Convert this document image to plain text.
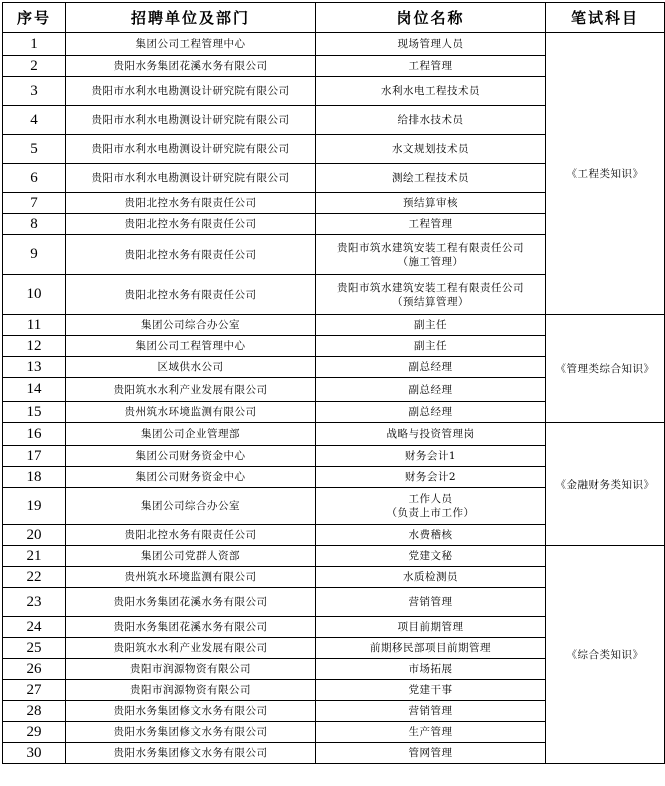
序号	招聘单位及部门	岗位名称	笔试科目
1	集团公司工程管理中心	现场管理人员	《工程类知识》
2	贵阳水务集团花溪水务有限公司	工程管理	

3	贵阳市水利水电勘测设计研究院有限公司	水利水电工程技术员	

4	贵阳市水利水电勘测设计研究院有限公司	给排水技术员	

5	贵阳市水利水电勘测设计研究院有限公司	水文规划技术员	

6	贵阳市水利水电勘测设计研究院有限公司	测绘工程技术员	

7	贵阳北控水务有限责任公司	预结算审核	

8	贵阳北控水务有限责任公司	工程管理	

9	贵阳北控水务有限责任公司	贵阳市筑水建筑安装工程有限责任公司
（施工管理）	

10	贵阳北控水务有限责任公司	贵阳市筑水建筑安装工程有限责任公司
（预结算管理）	

11	集团公司综合办公室	副主任	《管理类综合知识》
12	集团公司工程管理中心	副主任	

13	区域供水公司	副总经理	

14	贵阳筑水水利产业发展有限公司	副总经理	

15	贵州筑水环境监测有限公司	副总经理	

16	集团公司企业管理部	战略与投资管理岗	《金融财务类知识》
17	集团公司财务资金中心	财务会计1	

18	集团公司财务资金中心	财务会计2	

19	集团公司综合办公室	工作人员
（负责上市工作）	

20	贵阳北控水务有限责任公司	水费稽核	

21	集团公司党群人资部	党建文秘	《综合类知识》
22	贵州筑水环境监测有限公司	水质检测员	

23	贵阳水务集团花溪水务有限公司	营销管理	

24	贵阳水务集团花溪水务有限公司	项目前期管理	

25	贵阳筑水水利产业发展有限公司	前期移民部项目前期管理	

26	贵阳市润源物资有限公司	市场拓展	

27	贵阳市润源物资有限公司	党建干事	

28	贵阳水务集团修文水务有限公司	营销管理	

29	贵阳水务集团修文水务有限公司	生产管理	

30	贵阳水务集团修文水务有限公司	管网管理	
